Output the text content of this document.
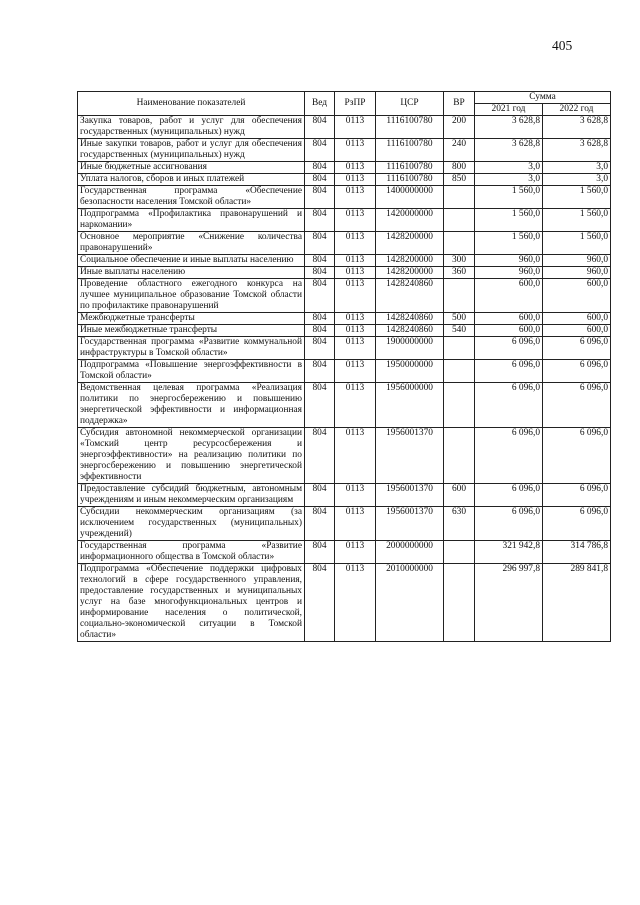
405
Наименование показателей	Вед	РзПР	ЦСР	ВР	Сумма	
					2021 год	2022 год
Закупка товаров, работ и услуг для обеспечения государственных (муниципальных) нужд	804	0113	1116100780	200	3 628,8	3 628,8
Иные закупки товаров, работ и услуг для обеспечения государственных (муниципальных) нужд	804	0113	1116100780	240	3 628,8	3 628,8
Иные бюджетные ассигнования	804	0113	1116100780	800	3,0	3,0
Уплата налогов, сборов и иных платежей	804	0113	1116100780	850	3,0	3,0
Государственная программа «Обеспечение безопасности населения Томской области»	804	0113	1400000000		1 560,0	1 560,0
Подпрограмма «Профилактика правонарушений и наркомании»	804	0113	1420000000		1 560,0	1 560,0
Основное мероприятие «Снижение количества правонарушений»	804	0113	1428200000		1 560,0	1 560,0
Социальное обеспечение и иные выплаты населению	804	0113	1428200000	300	960,0	960,0
Иные выплаты населению	804	0113	1428200000	360	960,0	960,0
Проведение областного ежегодного конкурса на лучшее муниципальное образование Томской области по профилактике правонарушений	804	0113	1428240860		600,0	600,0
Межбюджетные трансферты	804	0113	1428240860	500	600,0	600,0
Иные межбюджетные трансферты	804	0113	1428240860	540	600,0	600,0
Государственная программа «Развитие коммунальной инфраструктуры в Томской области»	804	0113	1900000000		6 096,0	6 096,0
Подпрограмма «Повышение энергоэффективности в Томской области»	804	0113	1950000000		6 096,0	6 096,0
Ведомственная целевая программа «Реализация политики по энергосбережению и повышению энергетической эффективности и информационная поддержка»	804	0113	1956000000		6 096,0	6 096,0
Субсидия автономной некоммерческой организации «Томский центр ресурсосбережения и энергоэффективности» на реализацию политики по энергосбережению и повышению энергетической эффективности	804	0113	1956001370		6 096,0	6 096,0
Предоставление субсидий бюджетным, автономным учреждениям и иным некоммерческим организациям	804	0113	1956001370	600	6 096,0	6 096,0
Субсидии некоммерческим организациям (за исключением государственных (муниципальных) учреждений)	804	0113	1956001370	630	6 096,0	6 096,0
Государственная программа «Развитие информационного общества в Томской области»	804	0113	2000000000		321 942,8	314 786,8
Подпрограмма «Обеспечение поддержки цифровых технологий в сфере государственного управления, предоставление государственных и муниципальных услуг на базе многофункциональных центров и информирование населения о политической, социально-экономической ситуации в Томской области»	804	0113	2010000000		296 997,8	289 841,8
